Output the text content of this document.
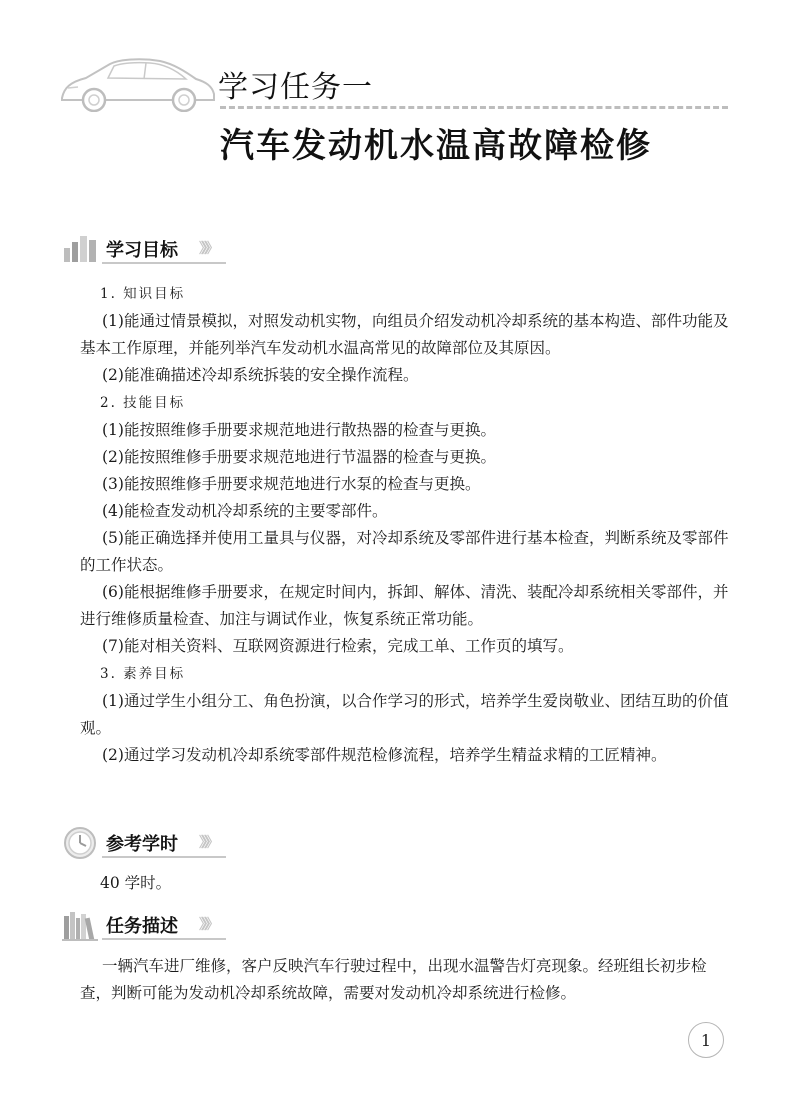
学习任务一
汽车发动机水温高故障检修
学习目标 》》》

1. 知识目标

(1)能通过情景模拟，对照发动机实物，向组员介绍发动机冷却系统的基本构造、部件功能及基本工作原理，并能列举汽车发动机水温高常见的故障部位及其原因。

(2)能准确描述冷却系统拆装的安全操作流程。

2. 技能目标

(1)能按照维修手册要求规范地进行散热器的检查与更换。

(2)能按照维修手册要求规范地进行节温器的检查与更换。

(3)能按照维修手册要求规范地进行水泵的检查与更换。

(4)能检查发动机冷却系统的主要零部件。

(5)能正确选择并使用工量具与仪器，对冷却系统及零部件进行基本检查，判断系统及零部件的工作状态。

(6)能根据维修手册要求，在规定时间内，拆卸、解体、清洗、装配冷却系统相关零部件，并进行维修质量检查、加注与调试作业，恢复系统正常功能。

(7)能对相关资料、互联网资源进行检索，完成工单、工作页的填写。

3. 素养目标

(1)通过学生小组分工、角色扮演，以合作学习的形式，培养学生爱岗敬业、团结互助的价值观。

(2)通过学习发动机冷却系统零部件规范检修流程，培养学生精益求精的工匠精神。

参考学时 》》》

40 学时。

任务描述 》》》

一辆汽车进厂维修，客户反映汽车行驶过程中，出现水温警告灯亮现象。经班组长初步检查，判断可能为发动机冷却系统故障，需要对发动机冷却系统进行检修。

1
